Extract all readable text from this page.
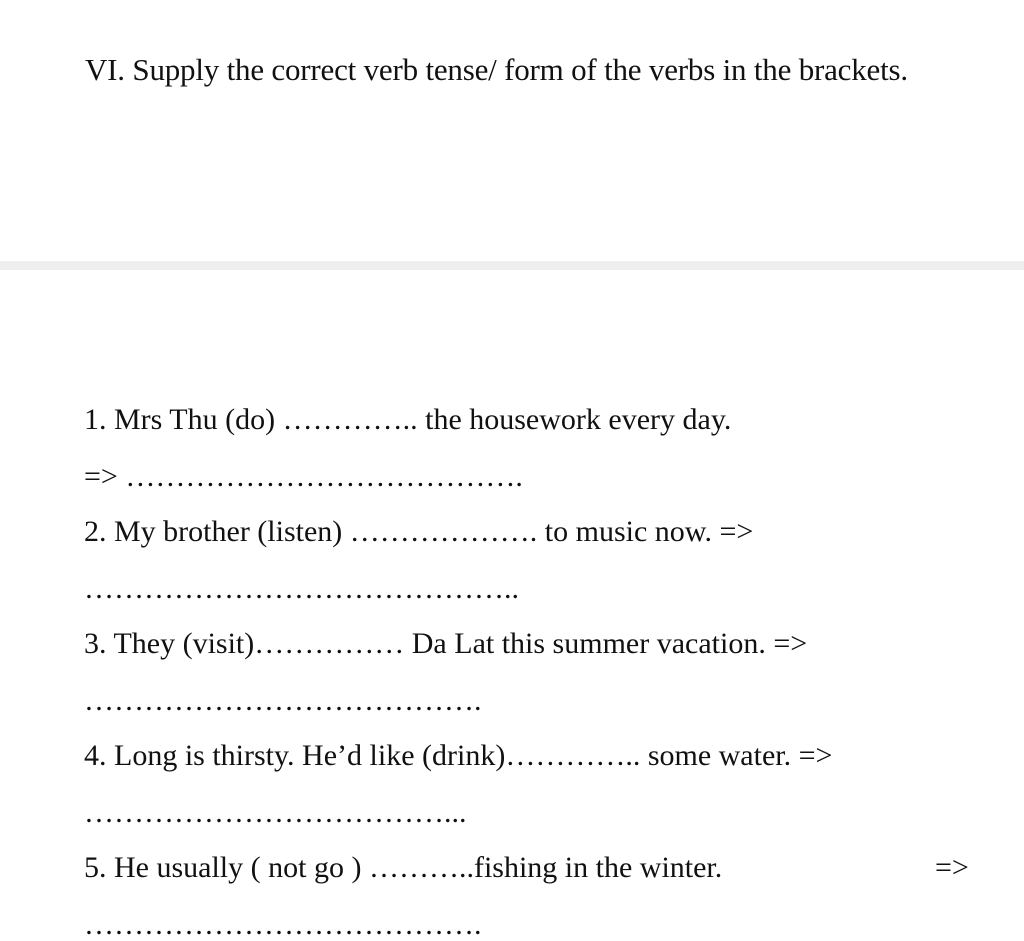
VI. Supply the correct verb tense/ form of the verbs in the brackets.
1. Mrs Thu (do) ………….. the housework every day.
=> ………………………………….
2. My brother (listen) ………………. to music now. =>
……………………………………..
3. They (visit)…………… Da Lat this summer vacation. =>
………………………………….
4. Long is thirsty. He’d like (drink)………….. some water. =>
………………………………...
5. He usually ( not go ) ………..fishing in the winter.	=>
………………………………….
